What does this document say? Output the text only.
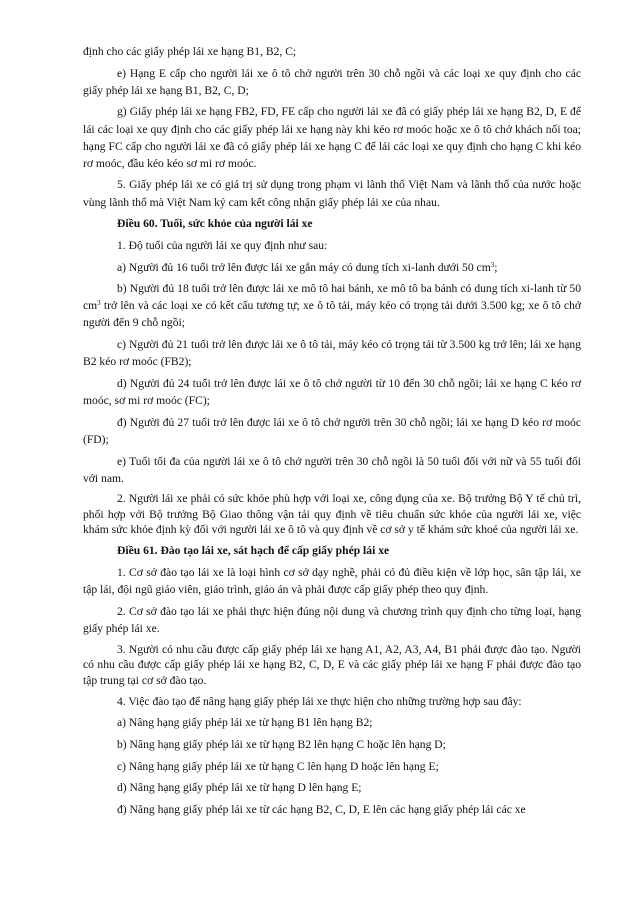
định cho các giấy phép lái xe hạng B1, B2, C;

e) Hạng E cấp cho người lái xe ô tô chở người trên 30 chỗ ngồi và các loại xe quy định cho các giấy phép lái xe hạng B1, B2, C, D;

g) Giấy phép lái xe hạng FB2, FD, FE cấp cho người lái xe đã có giấy phép lái xe hạng B2, D, E để lái các loại xe quy định cho các giấy phép lái xe hạng này khi kéo rơ moóc hoặc xe ô tô chở khách nối toa; hạng FC cấp cho người lái xe đã có giấy phép lái xe hạng C để lái các loại xe quy định cho hạng C khi kéo rơ moóc, đầu kéo kéo sơ mi rơ moóc.

5. Giấy phép lái xe có giá trị sử dụng trong phạm vi lãnh thổ Việt Nam và lãnh thổ của nước hoặc vùng lãnh thổ mà Việt Nam ký cam kết công nhận giấy phép lái xe của nhau.

Điều 60. Tuổi, sức khỏe của người lái xe

1. Độ tuổi của người lái xe quy định như sau:

a) Người đủ 16 tuổi trở lên được lái xe gắn máy có dung tích xi-lanh dưới 50 $cm^3$;

b) Người đủ 18 tuổi trở lên được lái xe mô tô hai bánh, xe mô tô ba bánh có dung tích xi-lanh từ 50 $cm^3$ trở lên và các loại xe có kết cấu tương tự; xe ô tô tải, máy kéo có trọng tải dưới 3.500 kg; xe ô tô chở người đến 9 chỗ ngồi;

c) Người đủ 21 tuổi trở lên được lái xe ô tô tải, máy kéo có trọng tải từ 3.500 kg trở lên; lái xe hạng B2 kéo rơ moóc (FB2);

d) Người đủ 24 tuổi trở lên được lái xe ô tô chở người từ 10 đến 30 chỗ ngồi; lái xe hạng C kéo rơ moóc, sơ mi rơ moóc (FC);

đ) Người đủ 27 tuổi trở lên được lái xe ô tô chở người trên 30 chỗ ngồi; lái xe hạng D kéo rơ moóc (FD);

e) Tuổi tối đa của người lái xe ô tô chở người trên 30 chỗ ngồi là 50 tuổi đối với nữ và 55 tuổi đối với nam.

2. Người lái xe phải có sức khỏe phù hợp với loại xe, công dụng của xe. Bộ trưởng Bộ Y tế chủ trì, phối hợp với Bộ trưởng Bộ Giao thông vận tải quy định về tiêu chuẩn sức khỏe của người lái xe, việc khám sức khỏe định kỳ đối với người lái xe ô tô và quy định về cơ sở y tế khám sức khoẻ của người lái xe.

Điều 61. Đào tạo lái xe, sát hạch để cấp giấy phép lái xe

1. Cơ sở đào tạo lái xe là loại hình cơ sở dạy nghề, phải có đủ điều kiện về lớp học, sân tập lái, xe tập lái, đội ngũ giáo viên, giáo trình, giáo án và phải được cấp giấy phép theo quy định.

2. Cơ sở đào tạo lái xe phải thực hiện đúng nội dung và chương trình quy định cho từng loại, hạng giấy phép lái xe.

3. Người có nhu cầu được cấp giấy phép lái xe hạng A1, A2, A3, A4, B1 phải được đào tạo. Người có nhu cầu được cấp giấy phép lái xe hạng B2, C, D, E và các giấy phép lái xe hạng F phải được đào tạo tập trung tại cơ sở đào tạo.

4. Việc đào tạo để nâng hạng giấy phép lái xe thực hiện cho những trường hợp sau đây:

a) Nâng hạng giấy phép lái xe từ hạng B1 lên hạng B2;

b) Nâng hạng giấy phép lái xe từ hạng B2 lên hạng C hoặc lên hạng D;

c) Nâng hạng giấy phép lái xe từ hạng C lên hạng D hoặc lên hạng E;

d) Nâng hạng giấy phép lái xe từ hạng D lên hạng E;

đ) Nâng hạng giấy phép lái xe từ các hạng B2, C, D, E lên các hạng giấy phép lái các xe
